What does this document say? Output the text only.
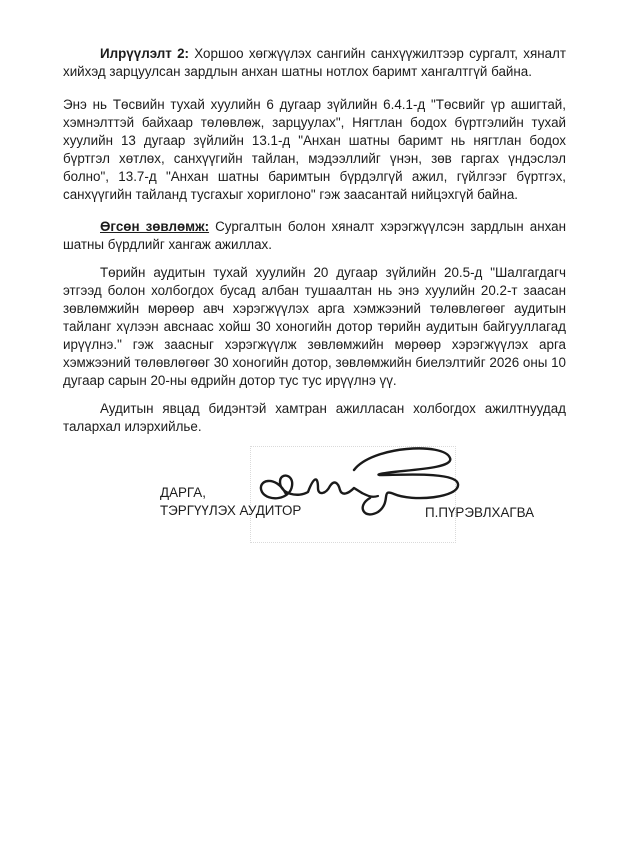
Илрүүлэлт 2: Хоршоо хөгжүүлэх сангийн санхүүжилтээр сургалт, хяналт хийхэд зарцуулсан зардлын анхан шатны нотлох баримт хангалтгүй байна.

Энэ нь Төсвийн тухай хуулийн 6 дугаар зүйлийн 6.4.1-д "Төсвийг үр ашигтай, хэмнэлттэй байхаар төлөвлөж, зарцуулах", Нягтлан бодох бүртгэлийн тухай хуулийн 13 дугаар зүйлийн 13.1-д "Анхан шатны баримт нь нягтлан бодох бүртгэл хөтлөх, санхүүгийн тайлан, мэдээллийг үнэн, зөв гаргах үндэслэл болно", 13.7-д "Анхан шатны баримтын бүрдэлгүй ажил, гүйлгээг бүртгэх, санхүүгийн тайланд тусгахыг хориглоно" гэж заасантай нийцэхгүй байна.

Өгсөн зөвлөмж: Сургалтын болон хяналт хэрэгжүүлсэн зардлын анхан шатны бүрдлийг хангаж ажиллах.

Төрийн аудитын тухай хуулийн 20 дугаар зүйлийн 20.5-д "Шалгагдагч этгээд болон холбогдох бусад албан тушаалтан нь энэ хуулийн 20.2-т заасан зөвлөмжийн мөрөөр авч хэрэгжүүлэх арга хэмжээний төлөвлөгөөг аудитын тайланг хүлээн авснаас хойш 30 хоногийн дотор төрийн аудитын байгууллагад ирүүлнэ." гэж заасныг хэрэгжүүлж зөвлөмжийн мөрөөр хэрэгжүүлэх арга хэмжээний төлөвлөгөөг 30 хоногийн дотор, зөвлөмжийн биелэлтийг 2026 оны 10 дугаар сарын 20-ны өдрийн дотор тус тус ирүүлнэ үү.

Аудитын явцад бидэнтэй хамтран ажилласан холбогдох ажилтнуудад талархал илэрхийлье.

ДАРГА,
ТЭРГҮҮЛЭХ АУДИТОР	П.ПҮРЭВЛХАГВА
